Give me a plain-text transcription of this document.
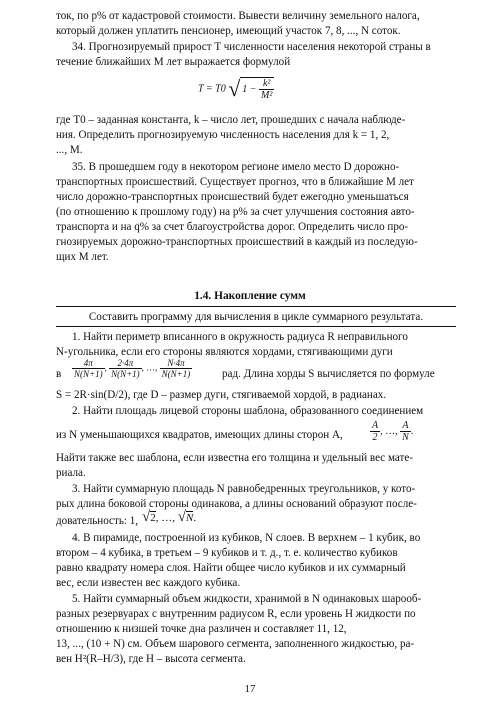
ток, по p% от кадастровой стоимости. Вывести величину земельного налога,
который должен уплатить пенсионер, имеющий участок 7, 8, ..., N соток.
34. Прогнозируемый прирост T численности населения некоторой страны в
течение ближайших M лет выражается формулой
T = T0 √ $1 - \frac{\text{k²}}{\text{M²}}$
где T0 – заданная константа, k – число лет, прошедших с начала наблюде-
ния. Определить прогнозируемую численность населения для k = 1, 2,
..., M.
35. В прошедшем году в некотором регионе имело место D дорожно-
транспортных происшествий. Существует прогноз, что в ближайшие M лет
число дорожно-транспортных происшествий будет ежегодно уменьшаться
(по отношению к прошлому году) на p% за счет улучшения состояния авто-
транспорта и на q% за счет благоустройства дорог. Определить число про-
гнозируемых дорожно-транспортных происшествий в каждый из последую-
щих M лет.
1.4. Накопление сумм
Составить программу для вычисления в цикле суммарного результата.
1. Найти периметр вписанного в окружность радиуса R неправильного
N-угольника, если его стороны являются хордами, стягивающими дуги
в $\frac{4\pi}{N(N+1)}$ , $\frac{2\cdot 4\pi}{N(N+1)}$ , …, $\frac{N\cdot 4\pi}{N(N+1)}$	рад. Длина хорды S вычисляется по формуле
S = 2R·sin(D/2), где D – размер дуги, стягиваемой хордой, в радианах.
2. Найти площадь лицевой стороны шаблона, образованного соединением
из N уменьшающихся квадратов, имеющих длины сторон A,	$\frac{A}{2}$ , …, $\frac{A}{N}$ .
Найти также вес шаблона, если известна его толщина и удельный вес мате-
риала.
3. Найти суммарную площадь N равнобедренных треугольников, у кото-
рых длина боковой стороны одинакова, а длины оснований образуют после-
довательность: 1, √2, …, √N.
4. В пирамиде, построенной из кубиков, N слоев. В верхнем – 1 кубик, во
втором – 4 кубика, в третьем – 9 кубиков и т. д., т. е. количество кубиков
равно квадрату номера слоя. Найти общее число кубиков и их суммарный
вес, если известен вес каждого кубика.
5. Найти суммарный объем жидкости, хранимой в N одинаковых шарооб-
разных резервуарах с внутренним радиусом R, если уровень H жидкости по
отношению к низшей точке дна различен и составляет 11, 12,
13, ..., (10 + N) см. Объем шарового сегмента, заполненного жидкостью, ра-
вен H²(R–H/3), где H – высота сегмента.
17
